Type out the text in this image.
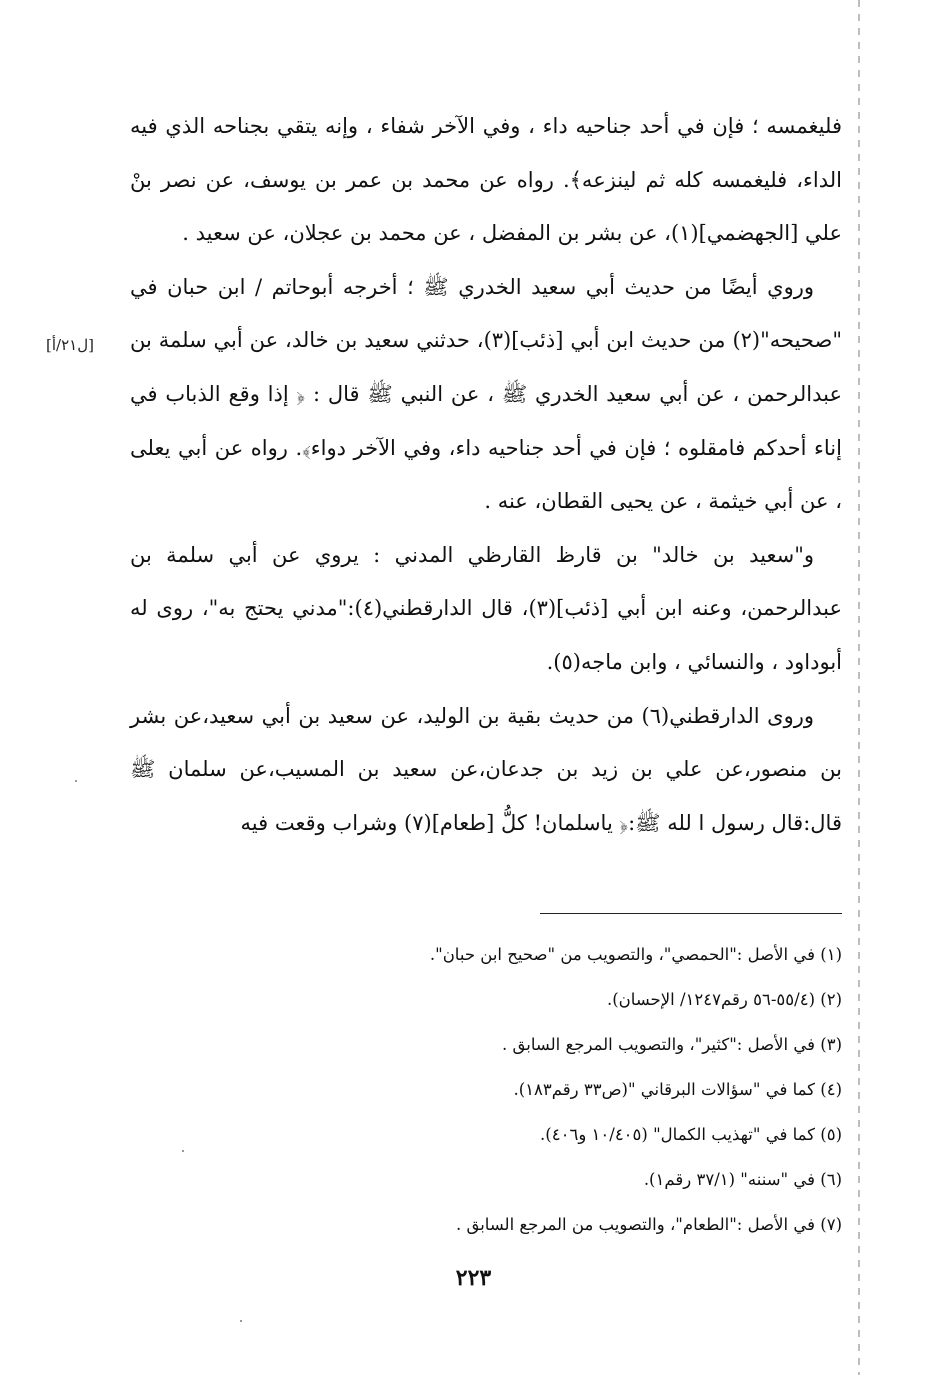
فليغمسه ؛ فإن في أحد جناحيه داء ، وفي الآخر شفاء ، وإنه يتقي بجناحه الذي فيه الداء، فليغمسه كله ثم لينزعه﴾. رواه عن محمد بن عمر بن يوسف، عن نصر بنْ علي [الجهضمي](١)، عن بشر بن المفضل ، عن محمد بن عجلان، عن سعيد .

وروي أيضًا من حديث أبي سعيد الخدري ﷺ ؛ أخرجه أبوحاتم / ابن حبان في "صحيحه"(٢) من حديث ابن أبي [ذئب](٣)، حدثني سعيد بن خالد، عن أبي سلمة بن عبدالرحمن ، عن أبي سعيد الخدري ﷺ ، عن النبي ﷺ قال : ﴿ إذا وقع الذباب في إناء أحدكم فامقلوه ؛ فإن في أحد جناحيه داء، وفي الآخر دواء﴾. رواه عن أبي يعلى ، عن أبي خيثمة ، عن يحيى القطان، عنه .

و"سعيد بن خالد" بن قارظ القارظي المدني : يروي عن أبي سلمة بن عبدالرحمن، وعنه ابن أبي [ذئب](٣)، قال الدارقطني(٤):"مدني يحتج به"، روى له أبوداود ، والنسائي ، وابن ماجه(٥).

وروى الدارقطني(٦) من حديث بقية بن الوليد، عن سعيد بن أبي سعيد،عن بشر بن منصور،عن علي بن زيد بن جدعان،عن سعيد بن المسيب،عن سلمان ﷺ قال:قال رسول ا لله ﷺ:﴿ ياسلمان! كلُّ [طعام](٧) وشراب وقعت فيه

[ل٢١/أ]

(١) في الأصل :"الحمصي"، والتصويب من "صحيح ابن حبان".

(٢) (٥٥/٤-٥٦ رقم١٢٤٧/ الإحسان).

(٣) في الأصل :"كثير"، والتصويب المرجع السابق .

(٤) كما في "سؤالات البرقاني "(ص٣٣ رقم١٨٣).

(٥) كما في "تهذيب الكمال" (١٠/٤٠٥ و٤٠٦).

(٦) في "سننه" (٣٧/١ رقم١).

(٧) في الأصل :"الطعام"، والتصويب من المرجع السابق .

٢٢٣
